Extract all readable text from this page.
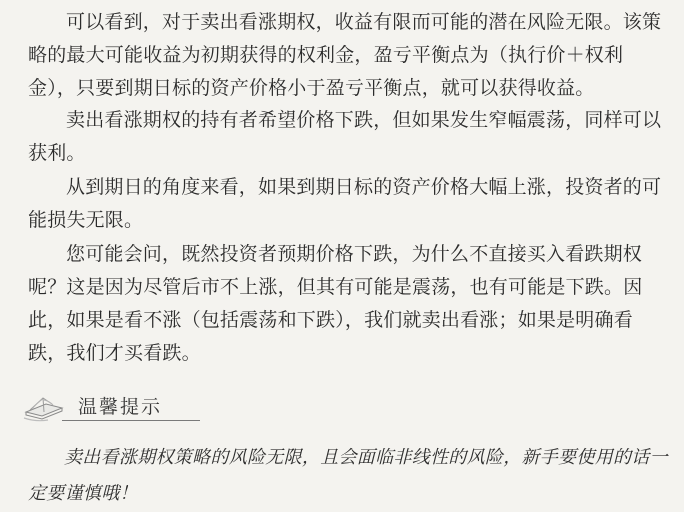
可以看到，对于卖出看涨期权，收益有限而可能的潜在风险无限。该策略的最大可能收益为初期获得的权利金，盈亏平衡点为（执行价＋权利金），只要到期日标的资产价格小于盈亏平衡点，就可以获得收益。

卖出看涨期权的持有者希望价格下跌，但如果发生窄幅震荡，同样可以获利。

从到期日的角度来看，如果到期日标的资产价格大幅上涨，投资者的可能损失无限。

您可能会问，既然投资者预期价格下跌，为什么不直接买入看跌期权呢？这是因为尽管后市不上涨，但其有可能是震荡，也有可能是下跌。因此，如果是看不涨（包括震荡和下跌），我们就卖出看涨；如果是明确看跌，我们才买看跌。

温馨提示

卖出看涨期权策略的风险无限，且会面临非线性的风险，新手要使用的话一定要谨慎哦！
